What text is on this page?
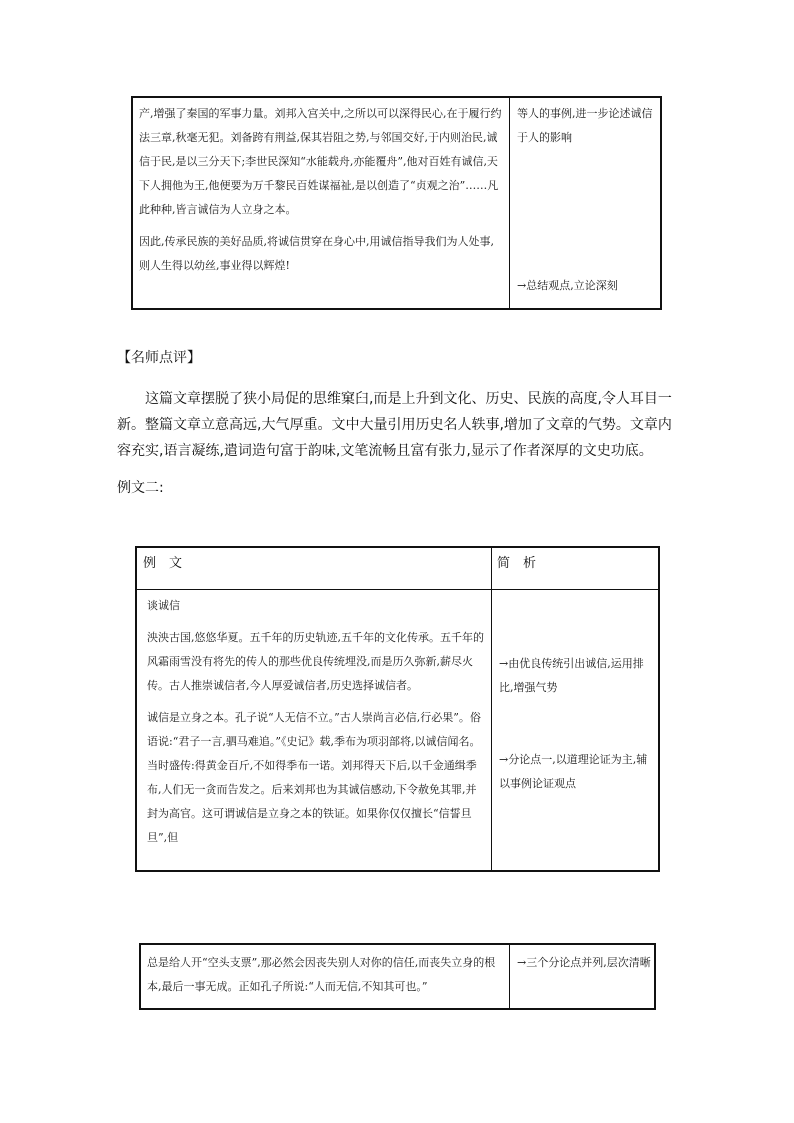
产,增强了秦国的军事力量。刘邦入宫关中,之所以可以深得民心,在于履行约法三章,秋毫无犯。刘备跨有荆益,保其岩阻之势,与邻国交好,于内则治民,诚信于民,是以三分天下;李世民深知“水能载舟,亦能覆舟”,他对百姓有诚信,天下人拥他为王,他便要为万千黎民百姓谋福祉,是以创造了“贞观之治”……凡此种种,皆言诚信为人立身之本。

因此,传承民族的美好品质,将诚信贯穿在身心中,用诚信指导我们为人处事,则人生得以幼丝,事业得以辉煌!

等人的事例,进一步论述诚信于人的影响
→总结观点,立论深刻
【名师点评】
这篇文章摆脱了狭小局促的思维窠臼,而是上升到文化、历史、民族的高度,令人耳目一新。整篇文章立意高远,大气厚重。文中大量引用历史名人轶事,增加了文章的气势。文章内容充实,语言凝练,遣词造句富于韵味,文笔流畅且富有张力,显示了作者深厚的文史功底。
例文二:
例　文	简　析

谈诚信

泱泱古国,悠悠华夏。五千年的历史轨迹,五千年的文化传承。五千年的风霜雨雪没有将先的传人的那些优良传统埋没,而是历久弥新,薪尽火传。古人推崇诚信者,今人厚爱诚信者,历史选择诚信者。

诚信是立身之本。孔子说“人无信不立。”古人崇尚言必信,行必果”。俗语说:“君子一言,驷马难追。”《史记》载,季布为项羽部将,以诚信闻名。当时盛传:得黄金百斤,不如得季布一诺。刘邦得天下后,以千金通缉季布,人们无一贪而告发之。后来刘邦也为其诚信感动,下令赦免其罪,并封为高官。这可谓诚信是立身之本的铁证。如果你仅仅擅长“信誓旦旦”,但

→由优良传统引出诚信,运用排比,增强气势
→分论点一,以道理论证为主,辅以事例论证观点
总是给人开“空头支票”,那必然会因丧失别人对你的信任,而丧失立身的根本,最后一事无成。正如孔子所说:“人而无信,不知其可也。”
→三个分论点并列,层次清晰
